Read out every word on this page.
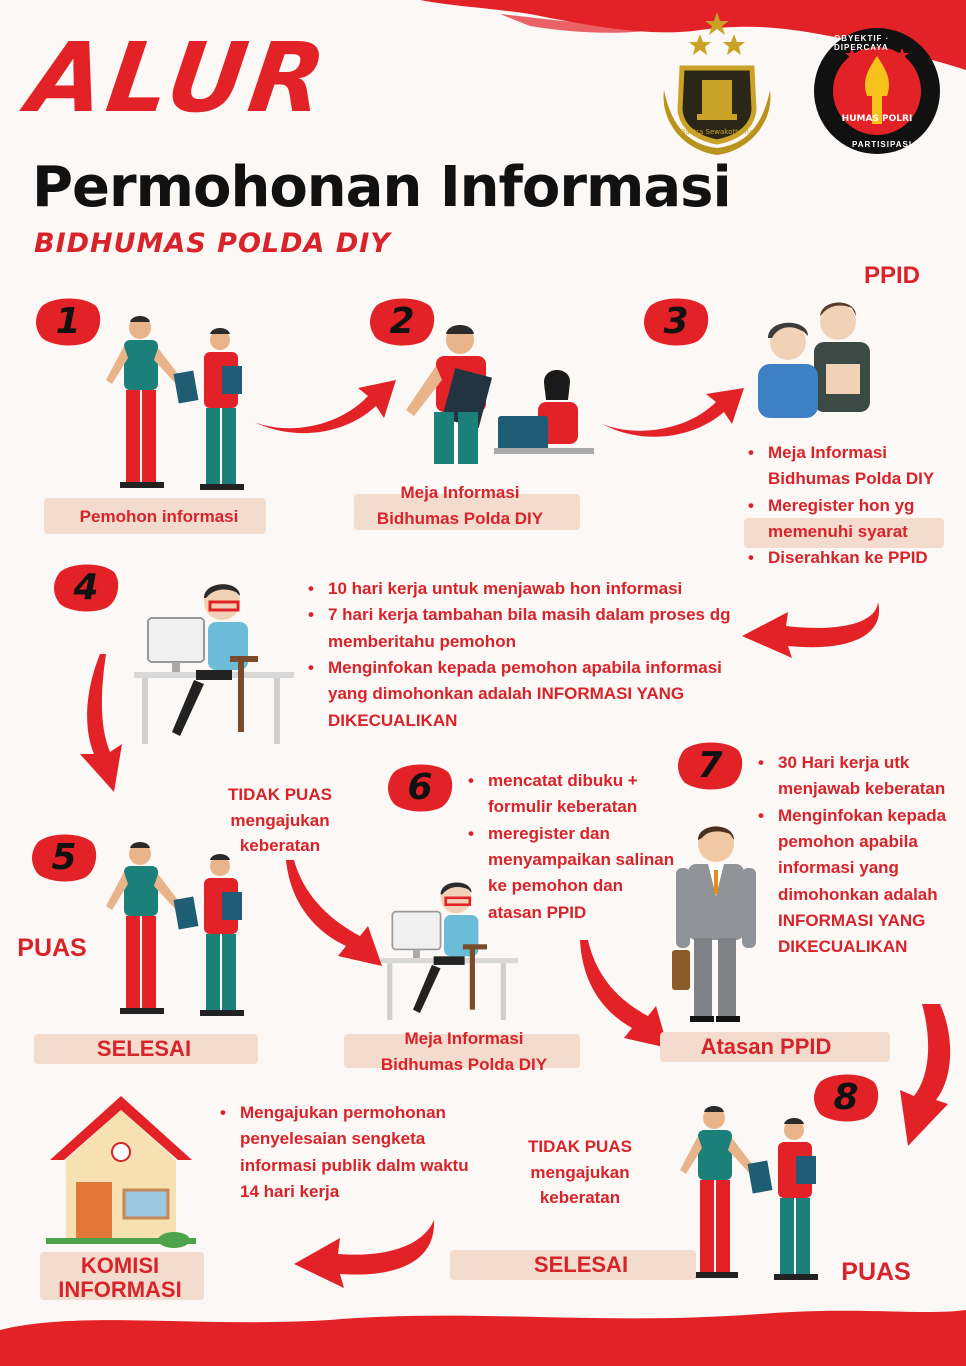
ALUR
Permohonan Informasi
BIDHUMAS POLDA DIY
Rastra Sewakottama
HUMAS POLRI
OBYEKTIF · DIPERCAYA
PARTISIPASI
PPID
1	2	3
4
5
6
7
8
Pemohon informasi
Meja Informasi
Bidhumas Polda DIY
• Meja Informasi Bidhumas Polda DIY
• Meregister hon yg memenuhi syarat
• Diserahkan ke PPID
• 10 hari kerja untuk menjawab hon informasi
• 7 hari kerja tambahan bila masih dalam proses dg memberitahu pemohon
• Menginfokan kepada pemohon apabila informasi yang dimohonkan adalah INFORMASI YANG DIKECUALIKAN
TIDAK PUAS
mengajukan
keberatan
PUAS
SELESAI
• mencatat dibuku + formulir keberatan
• meregister dan menyampaikan salinan ke pemohon dan atasan PPID
Meja Informasi
Bidhumas Polda DIY
• 30 Hari kerja utk menjawab keberatan
• Menginfokan kepada pemohon apabila informasi yang dimohonkan adalah INFORMASI YANG DIKECUALIKAN
Atasan PPID
• Mengajukan permohonan penyelesaian sengketa informasi publik dalm waktu 14 hari kerja
TIDAK PUAS
mengajukan
keberatan
SELESAI	PUAS
KOMISI
INFORMASI
